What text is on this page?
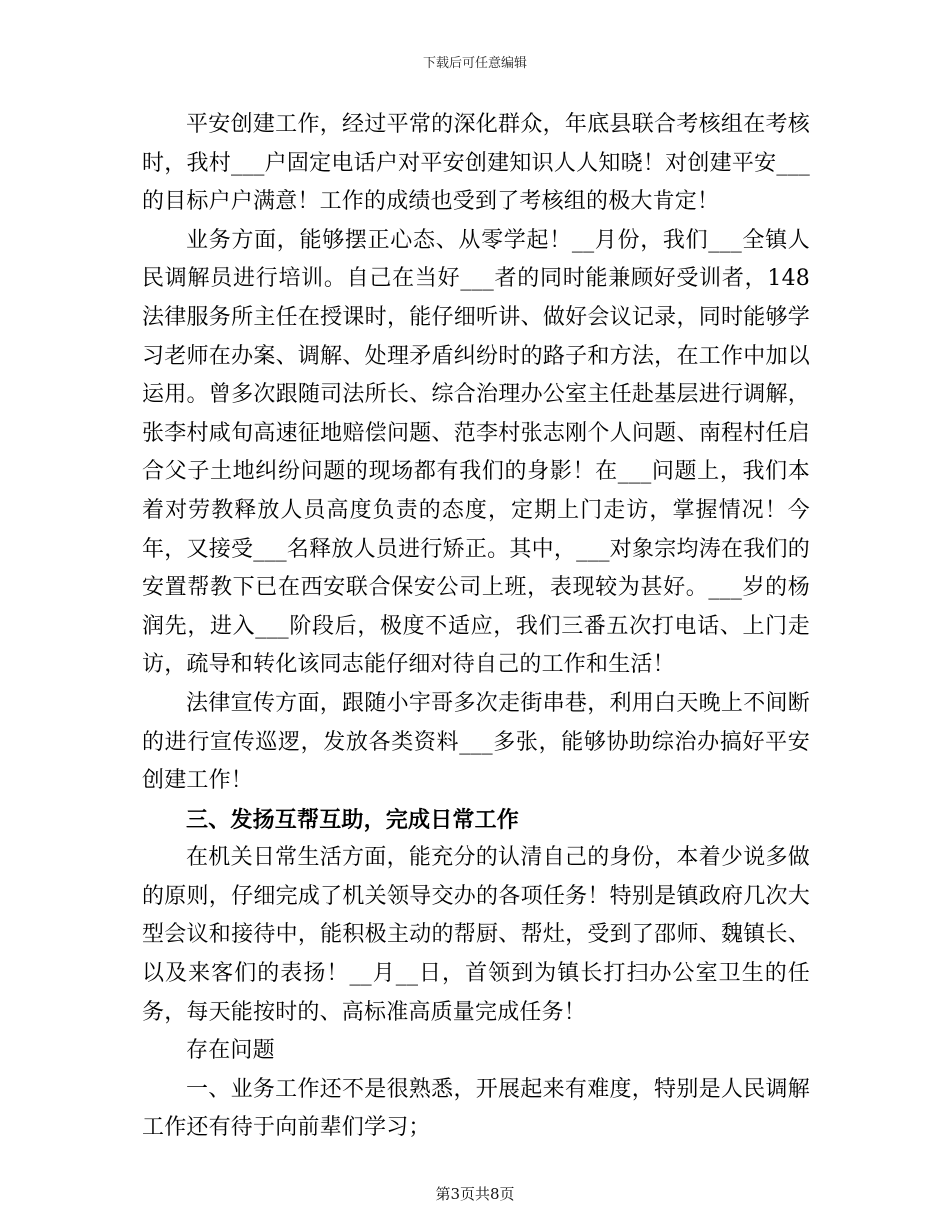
下载后可任意编辑

平安创建工作，经过平常的深化群众，年底县联合考核组在考核时，我村___户固定电话户对平安创建知识人人知晓！对创建平安___的目标户户满意！工作的成绩也受到了考核组的极大肯定！

业务方面，能够摆正心态、从零学起！__月份，我们___全镇人民调解员进行培训。自己在当好___者的同时能兼顾好受训者，148法律服务所主任在授课时，能仔细听讲、做好会议记录，同时能够学习老师在办案、调解、处理矛盾纠纷时的路子和方法，在工作中加以运用。曾多次跟随司法所长、综合治理办公室主任赴基层进行调解，张李村咸旬高速征地赔偿问题、范李村张志刚个人问题、南程村任启合父子土地纠纷问题的现场都有我们的身影！在___问题上，我们本着对劳教释放人员高度负责的态度，定期上门走访，掌握情况！今年，又接受___名释放人员进行矫正。其中，___对象宗均涛在我们的安置帮教下已在西安联合保安公司上班，表现较为甚好。___岁的杨润先，进入___阶段后，极度不适应，我们三番五次打电话、上门走访，疏导和转化该同志能仔细对待自己的工作和生活！

法律宣传方面，跟随小宇哥多次走街串巷，利用白天晚上不间断的进行宣传巡逻，发放各类资料___多张，能够协助综治办搞好平安创建工作！

三、发扬互帮互助，完成日常工作

在机关日常生活方面，能充分的认清自己的身份，本着少说多做的原则，仔细完成了机关领导交办的各项任务！特别是镇政府几次大型会议和接待中，能积极主动的帮厨、帮灶，受到了邵师、魏镇长、以及来客们的表扬！__月__日，首领到为镇长打扫办公室卫生的任务，每天能按时的、高标准高质量完成任务！

存在问题

一、业务工作还不是很熟悉，开展起来有难度，特别是人民调解工作还有待于向前辈们学习；

第3页共8页
